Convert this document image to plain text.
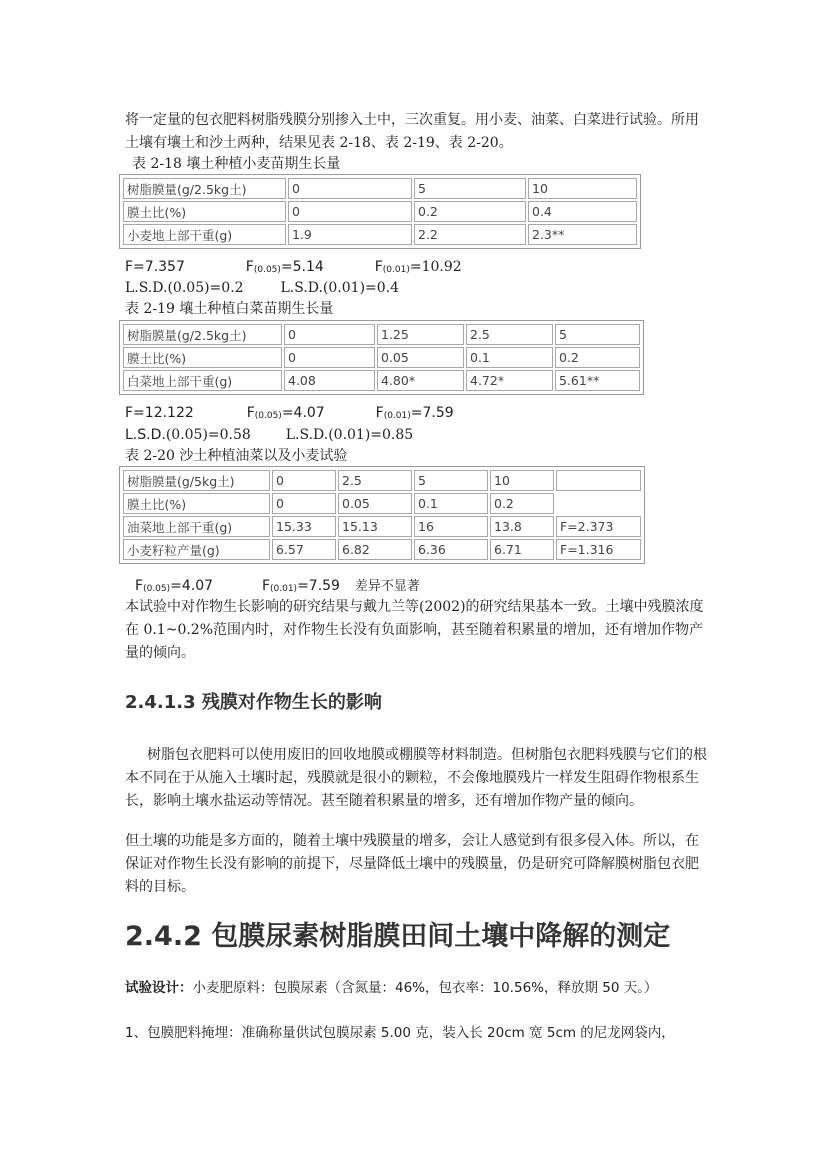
将一定量的包衣肥料树脂残膜分别掺入土中，三次重复。用小麦、油菜、白菜进行试验。所用土壤有壤土和沙土两种，结果见表 2-18、表 2-19、表 2-20。

表 2-18 壤土种植小麦苗期生长量
树脂膜量(g/2.5kg土)	0	5	10
膜土比(%)	0	0.2	0.4
小麦地上部干重(g)	1.9	2.2	2.3**
F=7.357	$F_{(0.05)}=5.14$	$F_{(0.01)}=10.92$
L.S.D.(0.05)=0.2	L.S.D.(0.01)=0.4
表 2-19 壤土种植白菜苗期生长量
树脂膜量(g/2.5kg土)	0	1.25	2.5	5
膜土比(%)	0	0.05	0.1	0.2
白菜地上部干重(g)	4.08	4.80*	4.72*	5.61**
F=12.122	$F_{(0.05)}=4.07$	$F_{(0.01)}=7.59$
L.S.D.(0.05)=0.58 L.S.D.(0.01)=0.85
表 2-20 沙土种植油菜以及小麦试验
树脂膜量(g/5kg土)	0	2.5	5	10	
膜土比(%)	0	0.05	0.1	0.2	
油菜地上部干重(g)	15.33	15.13	16	13.8	F=2.373
小麦籽粒产量(g)	6.57	6.82	6.36	6.71	F=1.316
$F_{(0.05)}=4.07$	$F_{(0.01)}=7.59$ 差异不显著

本试验中对作物生长影响的研究结果与戴九兰等(2002)的研究结果基本一致。土壤中残膜浓度在 0.1~0.2%范围内时，对作物生长没有负面影响，甚至随着积累量的增加，还有增加作物产量的倾向。

2.4.1.3 残膜对作物生长的影响

树脂包衣肥料可以使用废旧的回收地膜或棚膜等材料制造。但树脂包衣肥料残膜与它们的根本不同在于从施入土壤时起，残膜就是很小的颗粒，不会像地膜残片一样发生阻碍作物根系生长，影响土壤水盐运动等情况。甚至随着积累量的增多，还有增加作物产量的倾向。

但土壤的功能是多方面的，随着土壤中残膜量的增多，会让人感觉到有很多侵入体。所以，在保证对作物生长没有影响的前提下，尽量降低土壤中的残膜量，仍是研究可降解膜树脂包衣肥料的目标。

2.4.2 包膜尿素树脂膜田间土壤中降解的测定

试验设计：小麦肥原料：包膜尿素（含氮量：46%，包衣率：10.56%，释放期 50 天。）

1、包膜肥料掩埋：准确称量供试包膜尿素 5.00 克，装入长 20cm 宽 5cm 的尼龙网袋内，
